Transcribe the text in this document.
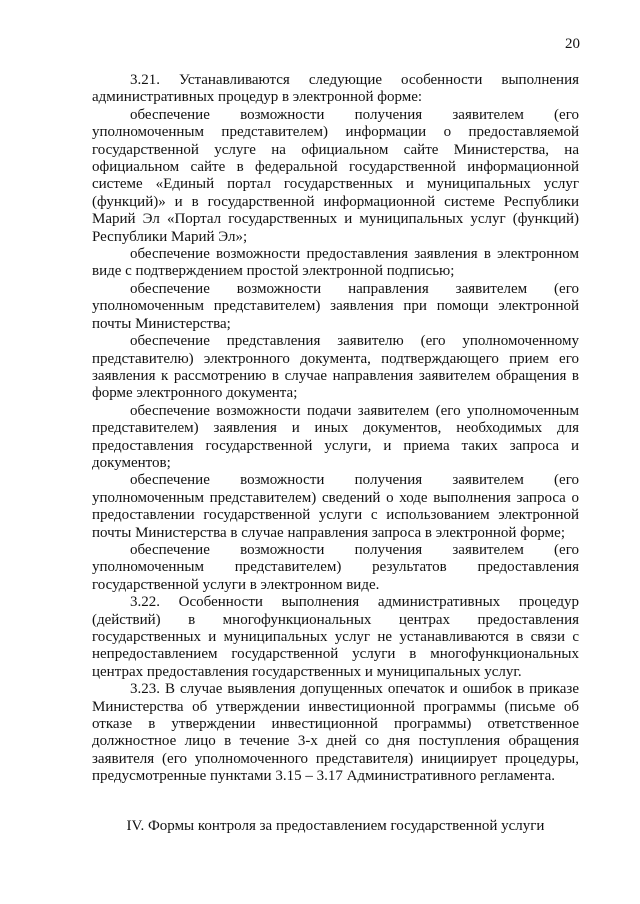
20

3.21. Устанавливаются следующие особенности выполнения административных процедур в электронной форме:

обеспечение возможности получения заявителем (его уполномоченным представителем) информации о предоставляемой государственной услуге на официальном сайте Министерства, на официальном сайте в федеральной государственной информационной системе «Единый портал государственных и муниципальных услуг (функций)» и в государственной информационной системе Республики Марий Эл «Портал государственных и муниципальных услуг (функций) Республики Марий Эл»;

обеспечение возможности предоставления заявления в электронном виде с подтверждением простой электронной подписью;

обеспечение возможности направления заявителем (его уполномоченным представителем) заявления при помощи электронной почты Министерства;

обеспечение представления заявителю (его уполномоченному представителю) электронного документа, подтверждающего прием его заявления к рассмотрению в случае направления заявителем обращения в форме электронного документа;

обеспечение возможности подачи заявителем (его уполномоченным представителем) заявления и иных документов, необходимых для предоставления государственной услуги, и приема таких запроса и документов;

обеспечение возможности получения заявителем (его уполномоченным представителем) сведений о ходе выполнения запроса о предоставлении государственной услуги с использованием электронной почты Министерства в случае направления запроса в электронной форме;

обеспечение возможности получения заявителем (его уполномоченным представителем) результатов предоставления государственной услуги в электронном виде.

3.22. Особенности выполнения административных процедур (действий) в многофункциональных центрах предоставления государственных и муниципальных услуг не устанавливаются в связи с непредоставлением государственной услуги в многофункциональных центрах предоставления государственных и муниципальных услуг.

3.23. В случае выявления допущенных опечаток и ошибок в приказе Министерства об утверждении инвестиционной программы (письме об отказе в утверждении инвестиционной программы) ответственное должностное лицо в течение 3-х дней со дня поступления обращения заявителя (его уполномоченного представителя) инициирует процедуры, предусмотренные пунктами 3.15 – 3.17 Административного регламента.

IV. Формы контроля за предоставлением государственной услуги
